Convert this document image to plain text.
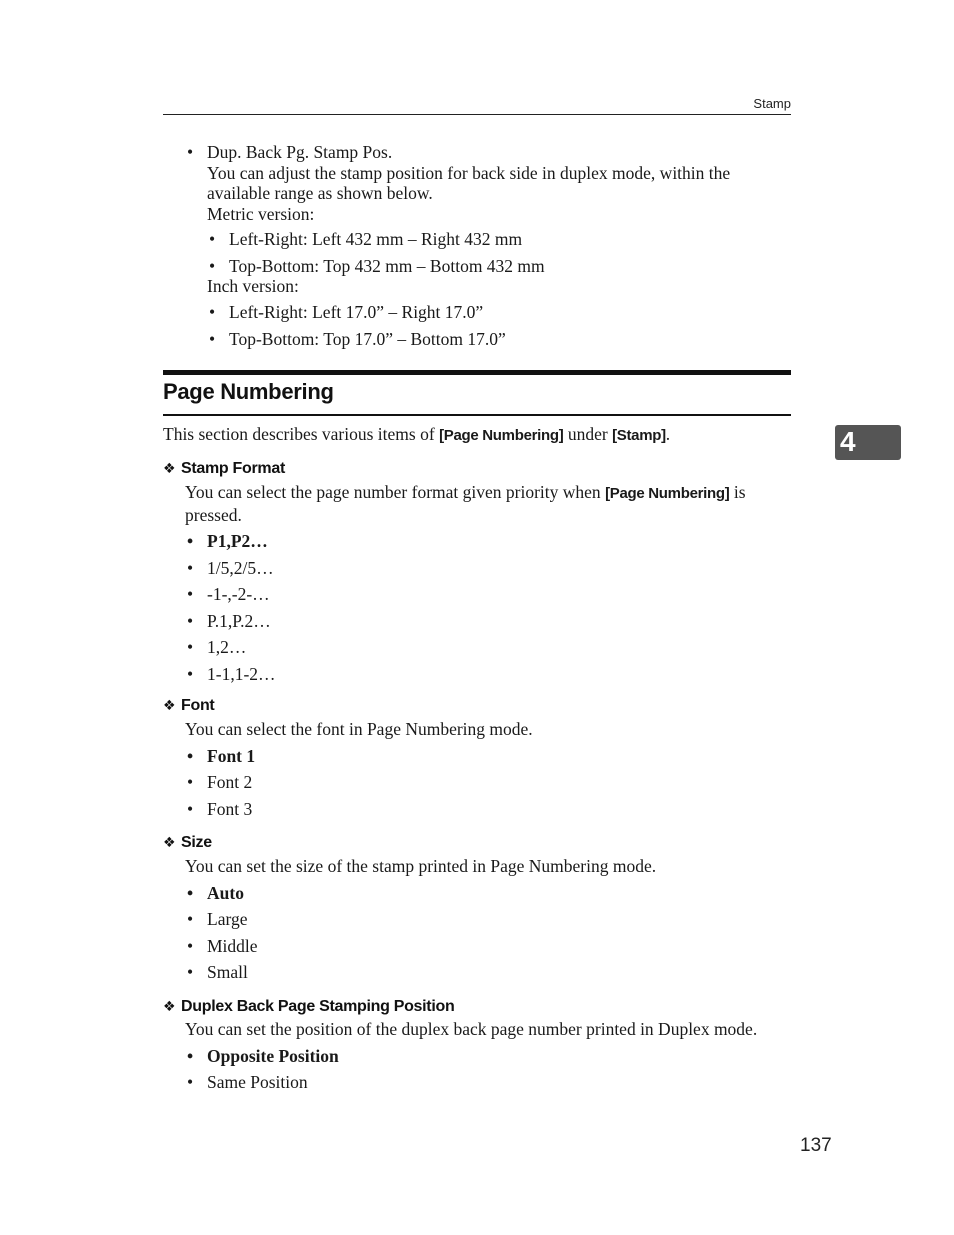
Stamp
• Dup. Back Pg. Stamp Pos.
You can adjust the stamp position for back side in duplex mode, within the available range as shown below.
Metric version:
• Left-Right: Left 432 mm – Right 432 mm
• Top-Bottom: Top 432 mm – Bottom 432 mm
Inch version:
• Left-Right: Left 17.0” – Right 17.0”
• Top-Bottom: Top 17.0” – Bottom 17.0”
Page Numbering
This section describes various items of [Page Numbering] under [Stamp].
❖ Stamp Format
You can select the page number format given priority when [Page Numbering] is pressed.
• P1,P2…
• 1/5,2/5…
• -1-,-2-…
• P.1,P.2…
• 1,2…
• 1-1,1-2…
❖ Font
You can select the font in Page Numbering mode.
• Font 1
• Font 2
• Font 3
❖ Size
You can set the size of the stamp printed in Page Numbering mode.
• Auto
• Large
• Middle
• Small
❖ Duplex Back Page Stamping Position
You can set the position of the duplex back page number printed in Duplex mode.
• Opposite Position
• Same Position
4
137
